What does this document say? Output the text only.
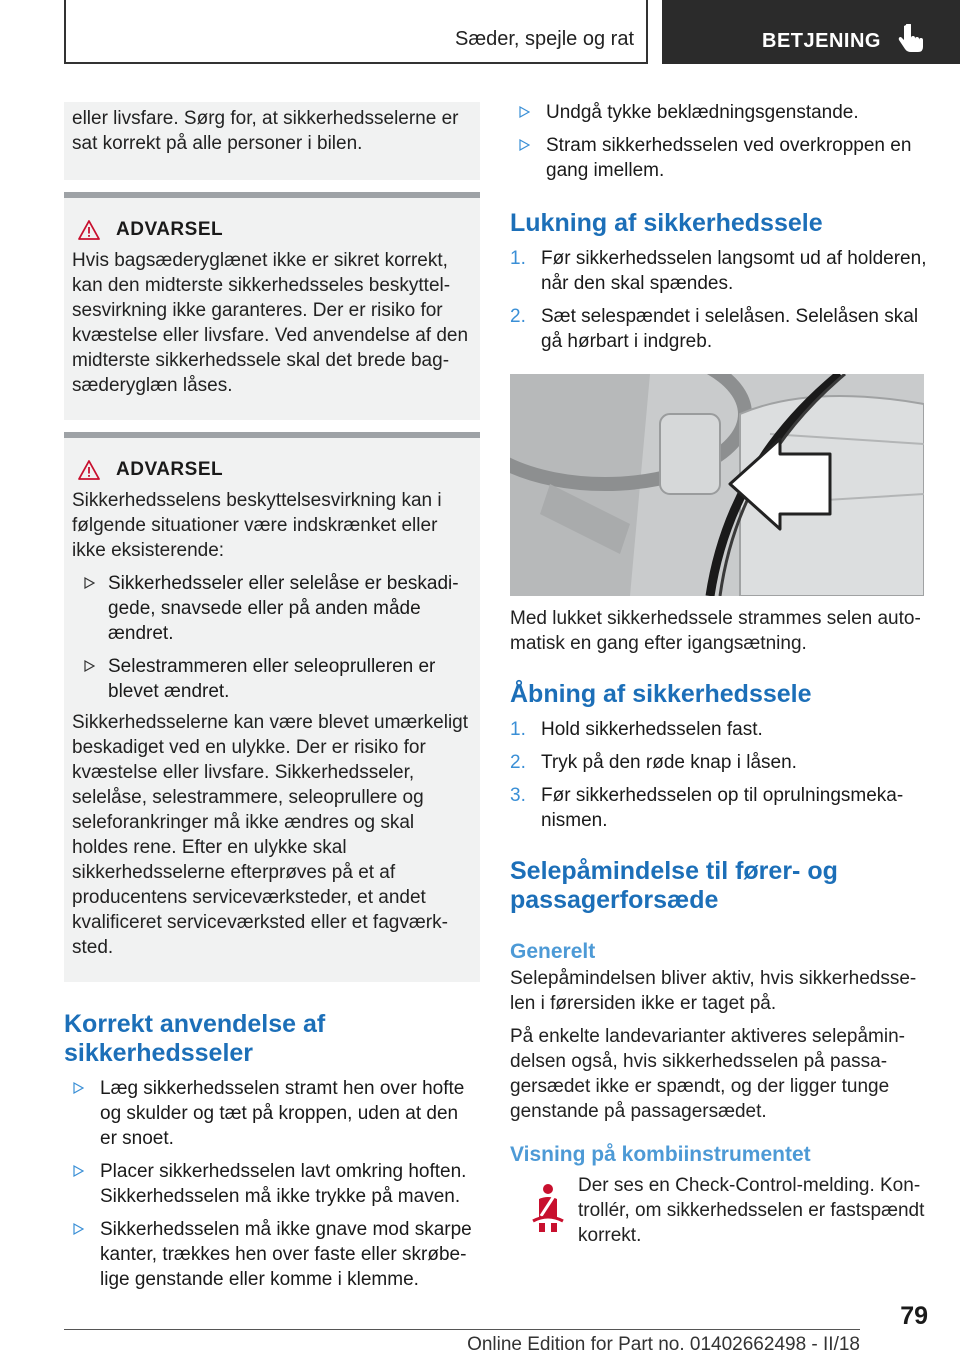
Sæder, spejle og rat	BETJENING

eller livsfare. Sørg for, at sikkerhedsselerne er sat korrekt på alle personer i bilen.

ADVARSEL

Hvis bagsæderyglænet ikke er sikret korrekt, kan den midterste sikkerhedsseles beskyttelsesvirkning ikke garanteres. Der er risiko for kvæstelse eller livsfare. Ved anvendelse af den midterste sikkerhedssele skal det brede bagsæderyglæn låses.

ADVARSEL

Sikkerhedsselens beskyttelsesvirkning kan i følgende situationer være indskrænket eller ikke eksisterende:

Sikkerhedsseler eller selelåse er beskadigede, snavsede eller på anden måde ændret.
Selestrammeren eller seleoprulleren er blevet ændret.

Sikkerhedsselerne kan være blevet umærkeligt beskadiget ved en ulykke. Der er risiko for kvæstelse eller livsfare. Sikkerhedsseler, selelåse, selestrammere, seleoprullere og seleforankringer må ikke ændres og skal holdes rene. Efter en ulykke skal sikkerhedsselerne efterprøves på et af producentens serviceværksteder, et andet kvalificeret serviceværksted eller et fagværksted.

Korrekt anvendelse af sikkerhedsseler
Læg sikkerhedsselen stramt hen over hofte og skulder og tæt på kroppen, uden at den er snoet.
Placer sikkerhedsselen lavt omkring hoften. Sikkerhedsselen må ikke trykke på maven.
Sikkerhedsselen må ikke gnave mod skarpe kanter, trækkes hen over faste eller skrøbelige genstande eller komme i klemme.
Undgå tykke beklædningsgenstande.
Stram sikkerhedsselen ved overkroppen en gang imellem.
Lukning af sikkerhedssele
1. Før sikkerhedsselen langsomt ud af holderen, når den skal spændes.
2. Sæt selespændet i selelåsen. Selelåsen skal gå hørbart i indgreb.

Med lukket sikkerhedssele strammes selen automatisk en gang efter igangsætning.

Åbning af sikkerhedssele
1. Hold sikkerhedsselen fast.
2. Tryk på den røde knap i låsen.
3. Før sikkerhedsselen op til oprulningsmekanismen.
Selepåmindelse til fører- og passagerforsæde
Generelt

Selepåmindelsen bliver aktiv, hvis sikkerhedsselen i førersiden ikke er taget på.

På enkelte landevarianter aktiveres selepåmindelsen også, hvis sikkerhedsselen på passagersædet ikke er spændt, og der ligger tunge genstande på passagersædet.

Visning på kombiinstrumentet

Der ses en Check-Control-melding. Kontrollér, om sikkerhedsselen er fastspændt korrekt.

79
Online Edition for Part no. 01402662498 - II/18
